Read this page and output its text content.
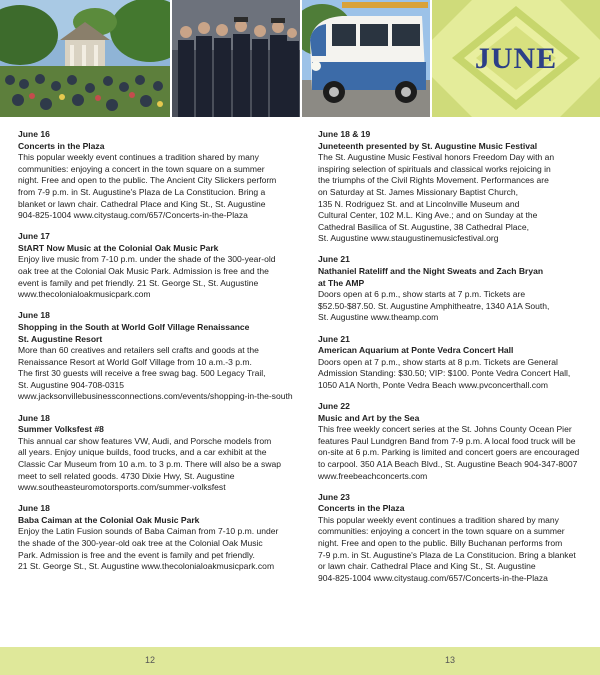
JUNE
June 16
Concerts in the Plaza
This popular weekly event continues a tradition shared by many
communities: enjoying a concert in the town square on a summer
night. Free and open to the public. The Ancient City Slickers perform
from 7-9 p.m. in St. Augustine's Plaza de La Constitucion. Bring a
blanket or lawn chair. Cathedral Place and King St., St. Augustine
904-825-1004 www.citystaug.com/657/Concerts-in-the-Plaza
June 17
StART Now Music at the Colonial Oak Music Park
Enjoy live music from 7-10 p.m. under the shade of the 300-year-old
oak tree at the Colonial Oak Music Park. Admission is free and the
event is family and pet friendly. 21 St. George St., St. Augustine
www.thecolonialoakmusicpark.com
June 18
Shopping in the South at World Golf Village Renaissance
St. Augustine Resort
More than 60 creatives and retailers sell crafts and goods at the
Renaissance Resort at World Golf Village from 10 a.m.-3 p.m.
The first 30 guests will receive a free swag bag. 500 Legacy Trail,
St. Augustine 904-708-0315
www.jacksonvillebusinessconnections.com/events/shopping-in-the-south
June 18
Summer Volksfest #8
This annual car show features VW, Audi, and Porsche models from
all years. Enjoy unique builds, food trucks, and a car exhibit at the
Classic Car Museum from 10 a.m. to 3 p.m. There will also be a swap
meet to sell related goods. 4730 Dixie Hwy, St. Augustine
www.southeasteuromotorsports.com/summer-volksfest
June 18
Baba Caiman at the Colonial Oak Music Park
Enjoy the Latin Fusion sounds of Baba Caiman from 7-10 p.m. under
the shade of the 300-year-old oak tree at the Colonial Oak Music
Park. Admission is free and the event is family and pet friendly.
21 St. George St., St. Augustine www.thecolonialoakmusicpark.com
June 18 & 19
Juneteenth presented by St. Augustine Music Festival
The St. Augustine Music Festival honors Freedom Day with an
inspiring selection of spirituals and classical works rejoicing in
the triumphs of the Civil Rights Movement. Performances are
on Saturday at St. James Missionary Baptist Church,
135 N. Rodriguez St. and at Lincolnville Museum and
Cultural Center, 102 M.L. King Ave.; and on Sunday at the
Cathedral Basilica of St. Augustine, 38 Cathedral Place,
St. Augustine www.staugustinemusicfestival.org
June 21
Nathaniel Rateliff and the Night Sweats and Zach Bryan
at The AMP
Doors open at 6 p.m., show starts at 7 p.m. Tickets are
$52.50-$87.50. St. Augustine Amphitheatre, 1340 A1A South,
St. Augustine www.theamp.com
June 21
American Aquarium at Ponte Vedra Concert Hall
Doors open at 7 p.m., show starts at 8 p.m. Tickets are General
Admission Standing: $30.50; VIP: $100. Ponte Vedra Concert Hall,
1050 A1A North, Ponte Vedra Beach www.pvconcerthall.com
June 22
Music and Art by the Sea
This free weekly concert series at the St. Johns County Ocean Pier
features Paul Lundgren Band from 7-9 p.m. A local food truck will be
on-site at 6 p.m. Parking is limited and concert goers are encouraged
to carpool. 350 A1A Beach Blvd., St. Augustine Beach 904-347-8007
www.freebeachconcerts.com
June 23
Concerts in the Plaza
This popular weekly event continues a tradition shared by many
communities: enjoying a concert in the town square on a summer
night. Free and open to the public. Billy Buchanan performs from
7-9 p.m. in St. Augustine's Plaza de La Constitucion. Bring a blanket
or lawn chair. Cathedral Place and King St., St. Augustine
904-825-1004 www.citystaug.com/657/Concerts-in-the-Plaza
12	13
